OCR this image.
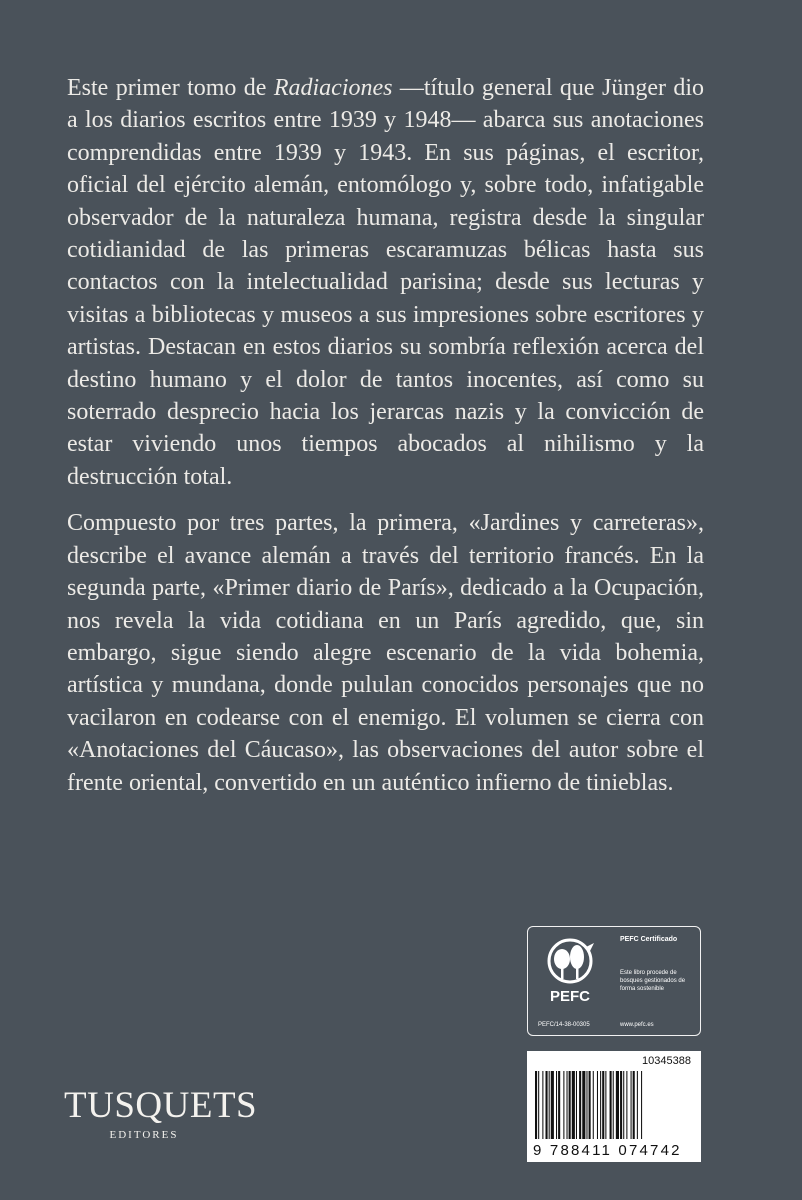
Este primer tomo de Radiaciones —título general que Jünger dio a los diarios escritos entre 1939 y 1948— abarca sus anotaciones comprendidas entre 1939 y 1943. En sus páginas, el escritor, oficial del ejército alemán, entomólogo y, sobre todo, infatigable observador de la naturaleza humana, registra desde la singular cotidianidad de las primeras escaramuzas bélicas hasta sus contactos con la intelectualidad parisina; desde sus lecturas y visitas a bibliotecas y museos a sus impresiones sobre escritores y artistas. Destacan en estos diarios su sombría reflexión acerca del destino humano y el dolor de tantos inocentes, así como su soterrado desprecio hacia los jerarcas nazis y la convicción de estar viviendo unos tiempos abocados al nihilismo y la destrucción total.

Compuesto por tres partes, la primera, «Jardines y carreteras», describe el avance alemán a través del territorio francés. En la segunda parte, «Primer diario de París», dedicado a la Ocupación, nos revela la vida cotidiana en un París agredido, que, sin embargo, sigue siendo alegre escenario de la vida bohemia, artística y mundana, donde pululan conocidos personajes que no vacilaron en codearse con el enemigo. El volumen se cierra con «Anotaciones del Cáucaso», las observaciones del autor sobre el frente oriental, convertido en un auténtico infierno de tinieblas.

PEFC
PEFC Certificado
Este libro procede de bosques gestionados de forma sostenible
PEFC/14-38-00305	www.pefc.es
10345388
9 788411 074742
TUSQUETS
EDITORES
